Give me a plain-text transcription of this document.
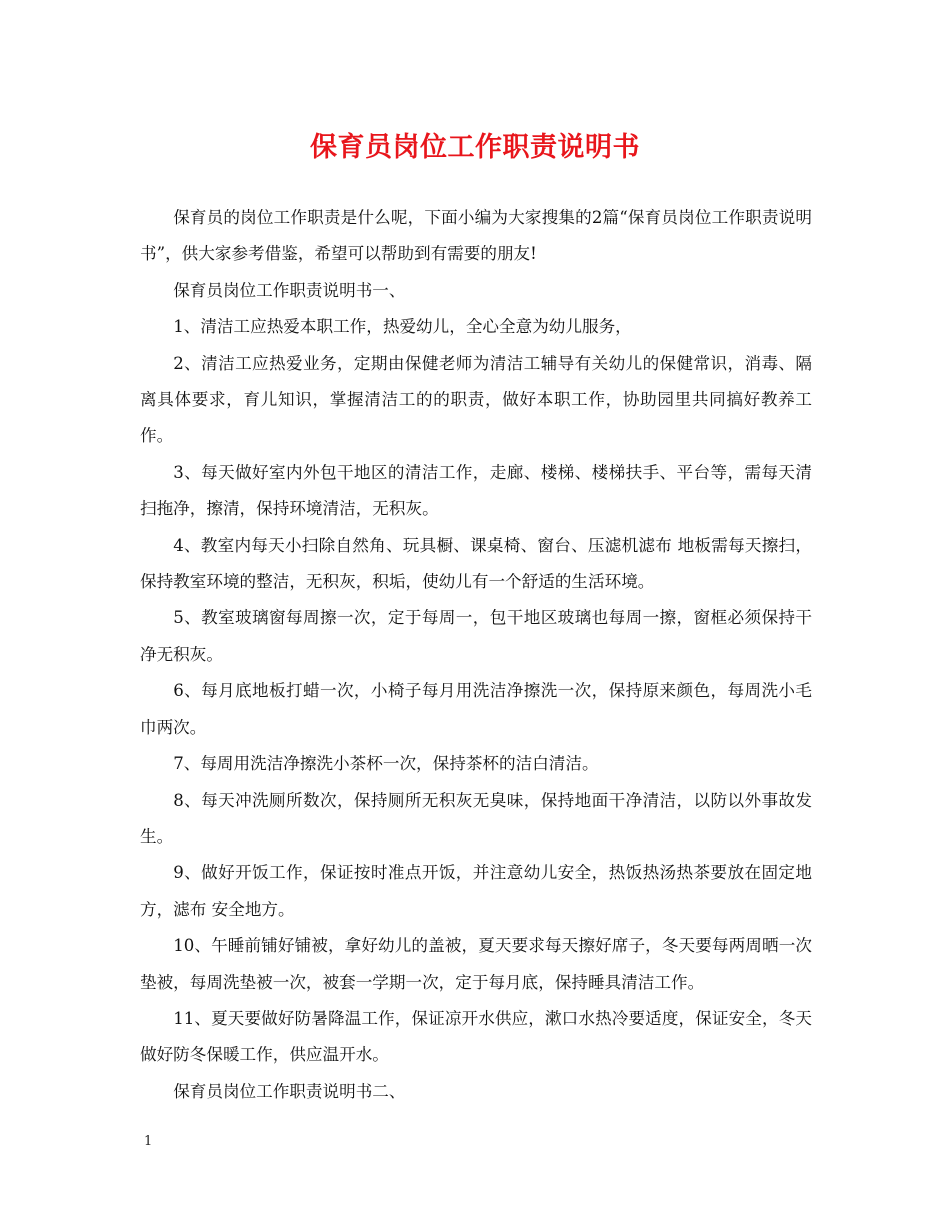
保育员岗位工作职责说明书

保育员的岗位工作职责是什么呢，下面小编为大家搜集的2篇“保育员岗位工作职责说明书”，供大家参考借鉴，希望可以帮助到有需要的朋友!

保育员岗位工作职责说明书一、

1、清洁工应热爱本职工作，热爱幼儿，全心全意为幼儿服务，

2、清洁工应热爱业务，定期由保健老师为清洁工辅导有关幼儿的保健常识，消毒、隔离具体要求，育儿知识，掌握清洁工的的职责，做好本职工作，协助园里共同搞好教养工作。

3、每天做好室内外包干地区的清洁工作，走廊、楼梯、楼梯扶手、平台等，需每天清扫拖净，擦清，保持环境清洁，无积灰。

4、教室内每天小扫除自然角、玩具橱、课桌椅、窗台、压滤机滤布 地板需每天擦扫，保持教室环境的整洁，无积灰，积垢，使幼儿有一个舒适的生活环境。

5、教室玻璃窗每周擦一次，定于每周一，包干地区玻璃也每周一擦，窗框必须保持干净无积灰。

6、每月底地板打蜡一次，小椅子每月用洗洁净擦洗一次，保持原来颜色，每周洗小毛巾两次。

7、每周用洗洁净擦洗小茶杯一次，保持茶杯的洁白清洁。

8、每天冲洗厕所数次，保持厕所无积灰无臭味，保持地面干净清洁，以防以外事故发生。

9、做好开饭工作，保证按时准点开饭，并注意幼儿安全，热饭热汤热茶要放在固定地方，滤布 安全地方。

10、午睡前铺好铺被，拿好幼儿的盖被，夏天要求每天擦好席子，冬天要每两周晒一次垫被，每周洗垫被一次，被套一学期一次，定于每月底，保持睡具清洁工作。

11、夏天要做好防暑降温工作，保证凉开水供应，漱口水热冷要适度，保证安全，冬天做好防冬保暖工作，供应温开水。

保育员岗位工作职责说明书二、

1
